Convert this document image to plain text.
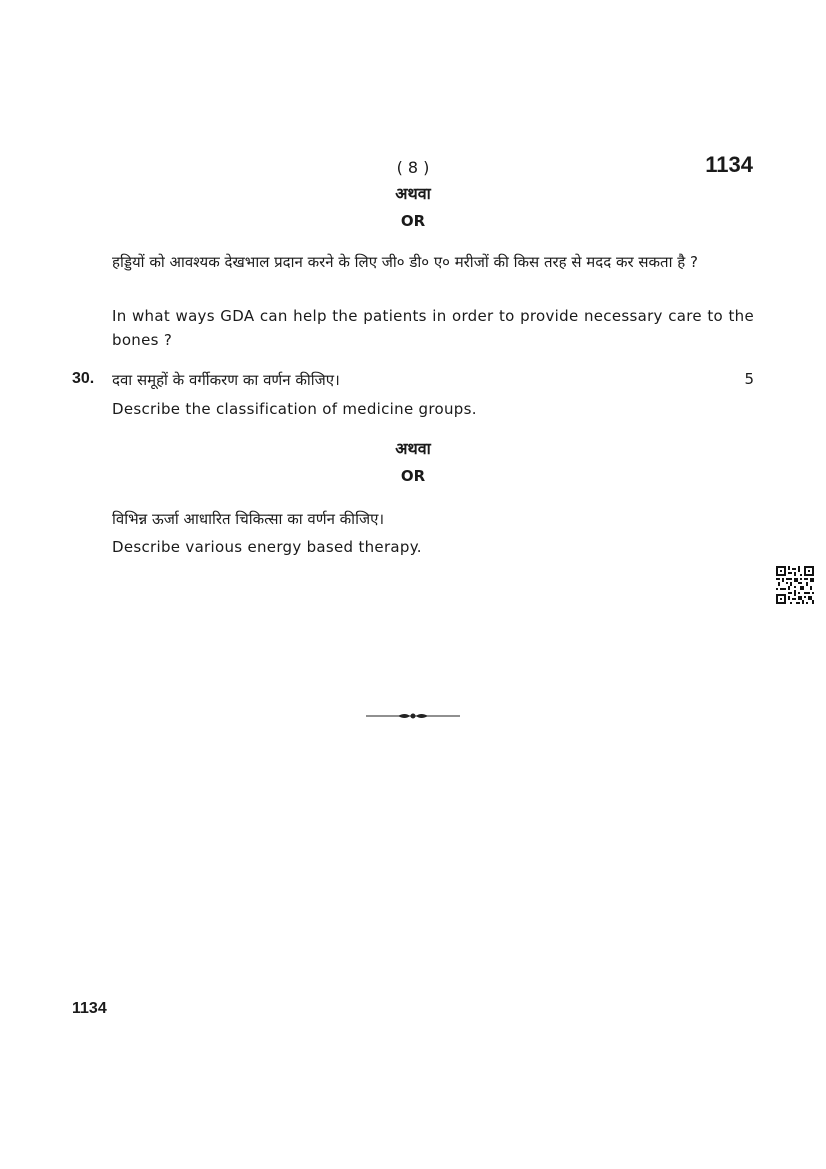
( 8 )	1134
अथवा
OR
हड्डियों को आवश्यक देखभाल प्रदान करने के लिए जी० डी० ए० मरीजों की किस तरह से मदद कर सकता है ?
In what ways GDA can help the patients in order to provide necessary care to the bones ?
30. दवा समूहों के वर्गीकरण का वर्णन कीजिए।	5
Describe the classification of medicine groups.
अथवा
OR
विभिन्न ऊर्जा आधारित चिकित्सा का वर्णन कीजिए।
Describe various energy based therapy.
1134
